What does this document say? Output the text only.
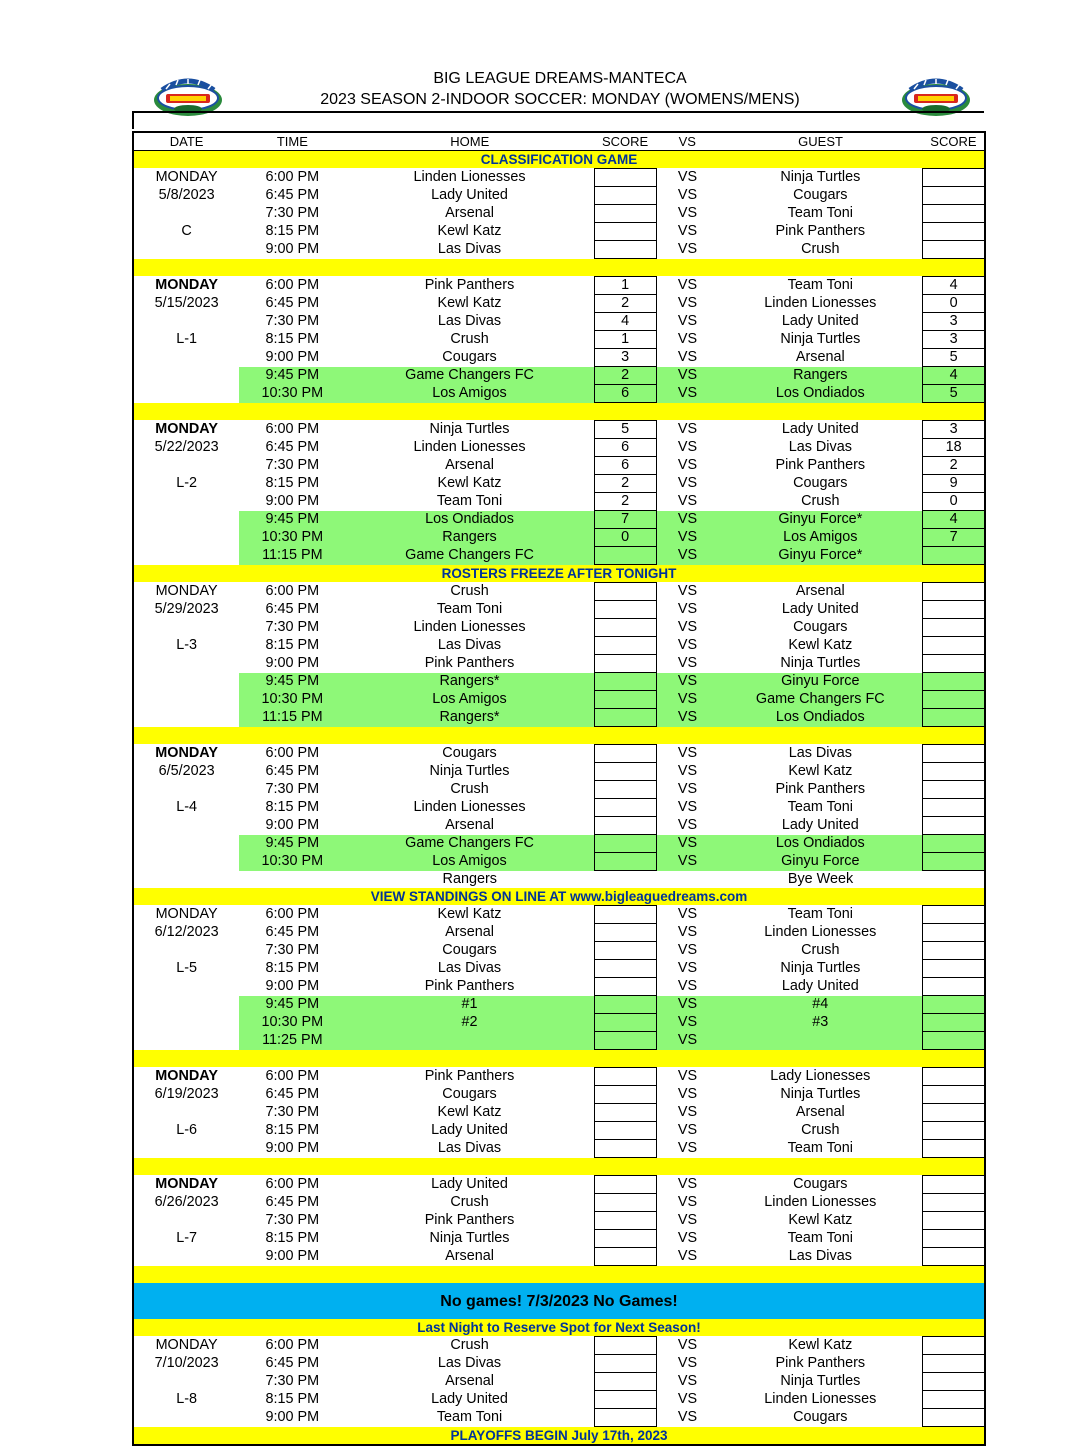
BIG LEAGUE DREAMS-MANTECA
2023 SEASON 2-INDOOR SOCCER: MONDAY (WOMENS/MENS)
DATE	TIME	HOME	SCORE	VS	GUEST	SCORE
CLASSIFICATION GAME						
MONDAY	6:00 PM	Linden Lionesses		VS	Ninja Turtles	
5/8/2023	6:45 PM	Lady United		VS	Cougars	
	7:30 PM	Arsenal		VS	Team Toni	
C	8:15 PM	Kewl Katz		VS	Pink Panthers	
	9:00 PM	Las Divas		VS	Crush	

MONDAY	6:00 PM	Pink Panthers	1	VS	Team Toni	4
5/15/2023	6:45 PM	Kewl Katz	2	VS	Linden Lionesses	0
	7:30 PM	Las Divas	4	VS	Lady United	3
L-1	8:15 PM	Crush	1	VS	Ninja Turtles	3
	9:00 PM	Cougars	3	VS	Arsenal	5
	9:45 PM	Game Changers FC	2	VS	Rangers	4
	10:30 PM	Los Amigos	6	VS	Los Ondiados	5

MONDAY	6:00 PM	Ninja Turtles	5	VS	Lady United	3
5/22/2023	6:45 PM	Linden Lionesses	6	VS	Las Divas	18
	7:30 PM	Arsenal	6	VS	Pink Panthers	2
L-2	8:15 PM	Kewl Katz	2	VS	Cougars	9
	9:00 PM	Team Toni	2	VS	Crush	0
	9:45 PM	Los Ondiados	7	VS	Ginyu Force*	4
	10:30 PM	Rangers	0	VS	Los Amigos	7
	11:15 PM	Game Changers FC		VS	Ginyu Force*	
ROSTERS FREEZE AFTER TONIGHT						
MONDAY	6:00 PM	Crush		VS	Arsenal	
5/29/2023	6:45 PM	Team Toni		VS	Lady United	
	7:30 PM	Linden Lionesses		VS	Cougars	
L-3	8:15 PM	Las Divas		VS	Kewl Katz	
	9:00 PM	Pink Panthers		VS	Ninja Turtles	
	9:45 PM	Rangers*		VS	Ginyu Force	
	10:30 PM	Los Amigos		VS	Game Changers FC	
	11:15 PM	Rangers*		VS	Los Ondiados	

MONDAY	6:00 PM	Cougars		VS	Las Divas	
6/5/2023	6:45 PM	Ninja Turtles		VS	Kewl Katz	
	7:30 PM	Crush		VS	Pink Panthers	
L-4	8:15 PM	Linden Lionesses		VS	Team Toni	
	9:00 PM	Arsenal		VS	Lady United	
	9:45 PM	Game Changers FC		VS	Los Ondiados	
	10:30 PM	Los Amigos		VS	Ginyu Force	
		Rangers			Bye Week	
VIEW STANDINGS ON LINE AT www.bigleaguedreams.com						
MONDAY	6:00 PM	Kewl Katz		VS	Team Toni	
6/12/2023	6:45 PM	Arsenal		VS	Linden Lionesses	
	7:30 PM	Cougars		VS	Crush	
L-5	8:15 PM	Las Divas		VS	Ninja Turtles	
	9:00 PM	Pink Panthers		VS	Lady United	
	9:45 PM	#1		VS	#4	
	10:30 PM	#2		VS	#3	
	11:25 PM			VS		

MONDAY	6:00 PM	Pink Panthers		VS	Lady Lionesses	
6/19/2023	6:45 PM	Cougars		VS	Ninja Turtles	
	7:30 PM	Kewl Katz		VS	Arsenal	
L-6	8:15 PM	Lady United		VS	Crush	
	9:00 PM	Las Divas		VS	Team Toni	

MONDAY	6:00 PM	Lady United		VS	Cougars	
6/26/2023	6:45 PM	Crush		VS	Linden Lionesses	
	7:30 PM	Pink Panthers		VS	Kewl Katz	
L-7	8:15 PM	Ninja Turtles		VS	Team Toni	
	9:00 PM	Arsenal		VS	Las Divas	

No games! 7/3/2023 No Games!						
Last Night to Reserve Spot for Next Season!						
MONDAY	6:00 PM	Crush		VS	Kewl Katz	
7/10/2023	6:45 PM	Las Divas		VS	Pink Panthers	
	7:30 PM	Arsenal		VS	Ninja Turtles	
L-8	8:15 PM	Lady United		VS	Linden Lionesses	
	9:00 PM	Team Toni		VS	Cougars	
PLAYOFFS BEGIN July 17th, 2023						
